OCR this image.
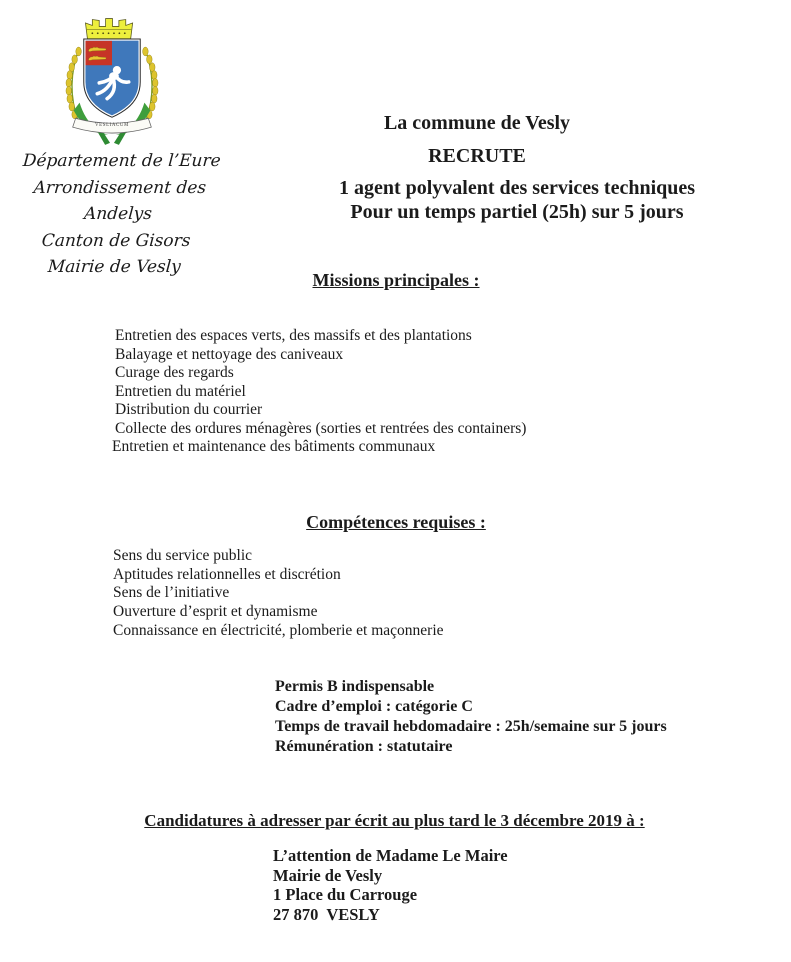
VESLIACUM
Département de l’Eure
Arrondissement des Andelys
Canton de Gisors
Mairie de Vesly
La commune de Vesly
RECRUTE
1 agent polyvalent des services techniques
Pour un temps partiel (25h) sur 5 jours
Missions principales :
Entretien des espaces verts, des massifs et des plantations
Balayage et nettoyage des caniveaux
Curage des regards
Entretien du matériel
Distribution du courrier
Collecte des ordures ménagères (sorties et rentrées des containers)
Entretien et maintenance des bâtiments communaux
Compétences requises :
Sens du service public
Aptitudes relationnelles et discrétion
Sens de l’initiative
Ouverture d’esprit et dynamisme
Connaissance en électricité, plomberie et maçonnerie
Permis B indispensable
Cadre d’emploi : catégorie C
Temps de travail hebdomadaire : 25h/semaine sur 5 jours
Rémunération : statutaire
Candidatures à adresser par écrit au plus tard le 3 décembre 2019 à :
L’attention de Madame Le Maire
Mairie de Vesly
1 Place du Carrouge
27 870  VESLY
